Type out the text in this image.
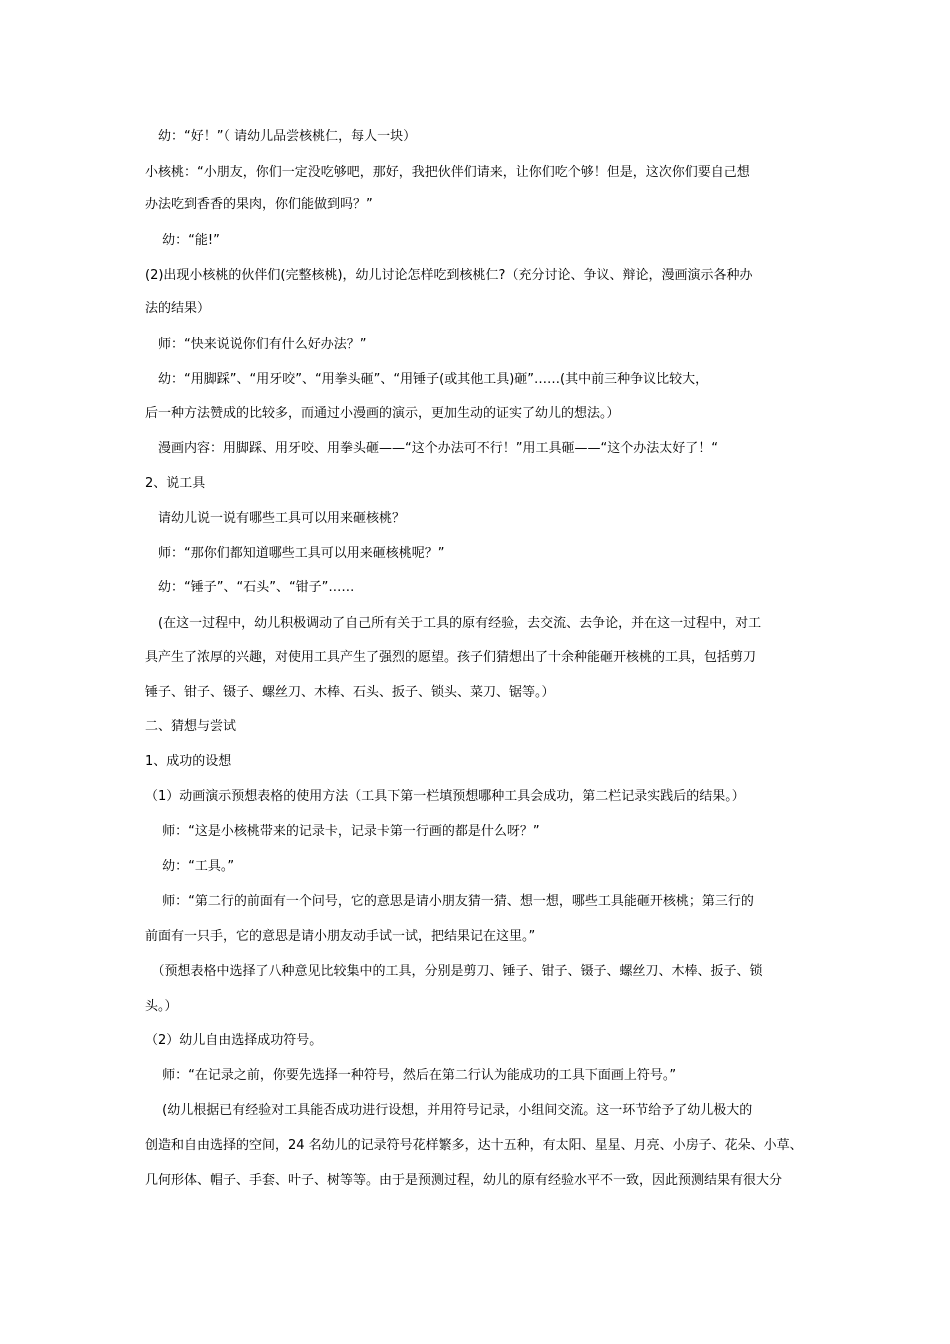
　幼：“好！”（ 请幼儿品尝核桃仁，每人一块）
小核桃：“小朋友，你们一定没吃够吧，那好，我把伙伴们请来，让你们吃个够！但是，这次你们要自己想
办法吃到香香的果肉，你们能做到吗？”
　 幼：“能!”
(2)出现小核桃的伙伴们(完整核桃)，幼儿讨论怎样吃到核桃仁?（充分讨论、争议、辩论，漫画演示各种办
法的结果）
　师：“快来说说你们有什么好办法？”
　幼：“用脚踩”、“用牙咬”、“用拳头砸”、“用锤子(或其他工具)砸”……(其中前三种争议比较大，
后一种方法赞成的比较多，而通过小漫画的演示，更加生动的证实了幼儿的想法。）
　漫画内容：用脚踩、用牙咬、用拳头砸——“这个办法可不行！”用工具砸——“这个办法太好了！“
2、说工具
　请幼儿说一说有哪些工具可以用来砸核桃？
　师：“那你们都知道哪些工具可以用来砸核桃呢？”
　幼：“锤子”、“石头”、“钳子”……
　(在这一过程中，幼儿积极调动了自己所有关于工具的原有经验，去交流、去争论，并在这一过程中，对工
具产生了浓厚的兴趣，对使用工具产生了强烈的愿望。孩子们猜想出了十余种能砸开核桃的工具，包括剪刀
锤子、钳子、镊子、螺丝刀、木棒、石头、扳子、锁头、菜刀、锯等。）
二、猜想与尝试
1、成功的设想
（1）动画演示预想表格的使用方法（工具下第一栏填预想哪种工具会成功，第二栏记录实践后的结果。）
　 师：“这是小核桃带来的记录卡，记录卡第一行画的都是什么呀？”
　 幼：“工具。”
　 师：“第二行的前面有一个问号，它的意思是请小朋友猜一猜、想一想，哪些工具能砸开核桃；第三行的
前面有一只手，它的意思是请小朋友动手试一试，把结果记在这里。”
　（预想表格中选择了八种意见比较集中的工具，分别是剪刀、锤子、钳子、镊子、螺丝刀、木棒、扳子、锁
头。）
（2）幼儿自由选择成功符号。
　 师：“在记录之前，你要先选择一种符号，然后在第二行认为能成功的工具下面画上符号。”
　 (幼儿根据已有经验对工具能否成功进行设想，并用符号记录，小组间交流。这一环节给予了幼儿极大的
创造和自由选择的空间，24 名幼儿的记录符号花样繁多，达十五种，有太阳、星星、月亮、小房子、花朵、小草、
几何形体、帽子、手套、叶子、树等等。由于是预测过程，幼儿的原有经验水平不一致，因此预测结果有很大分
